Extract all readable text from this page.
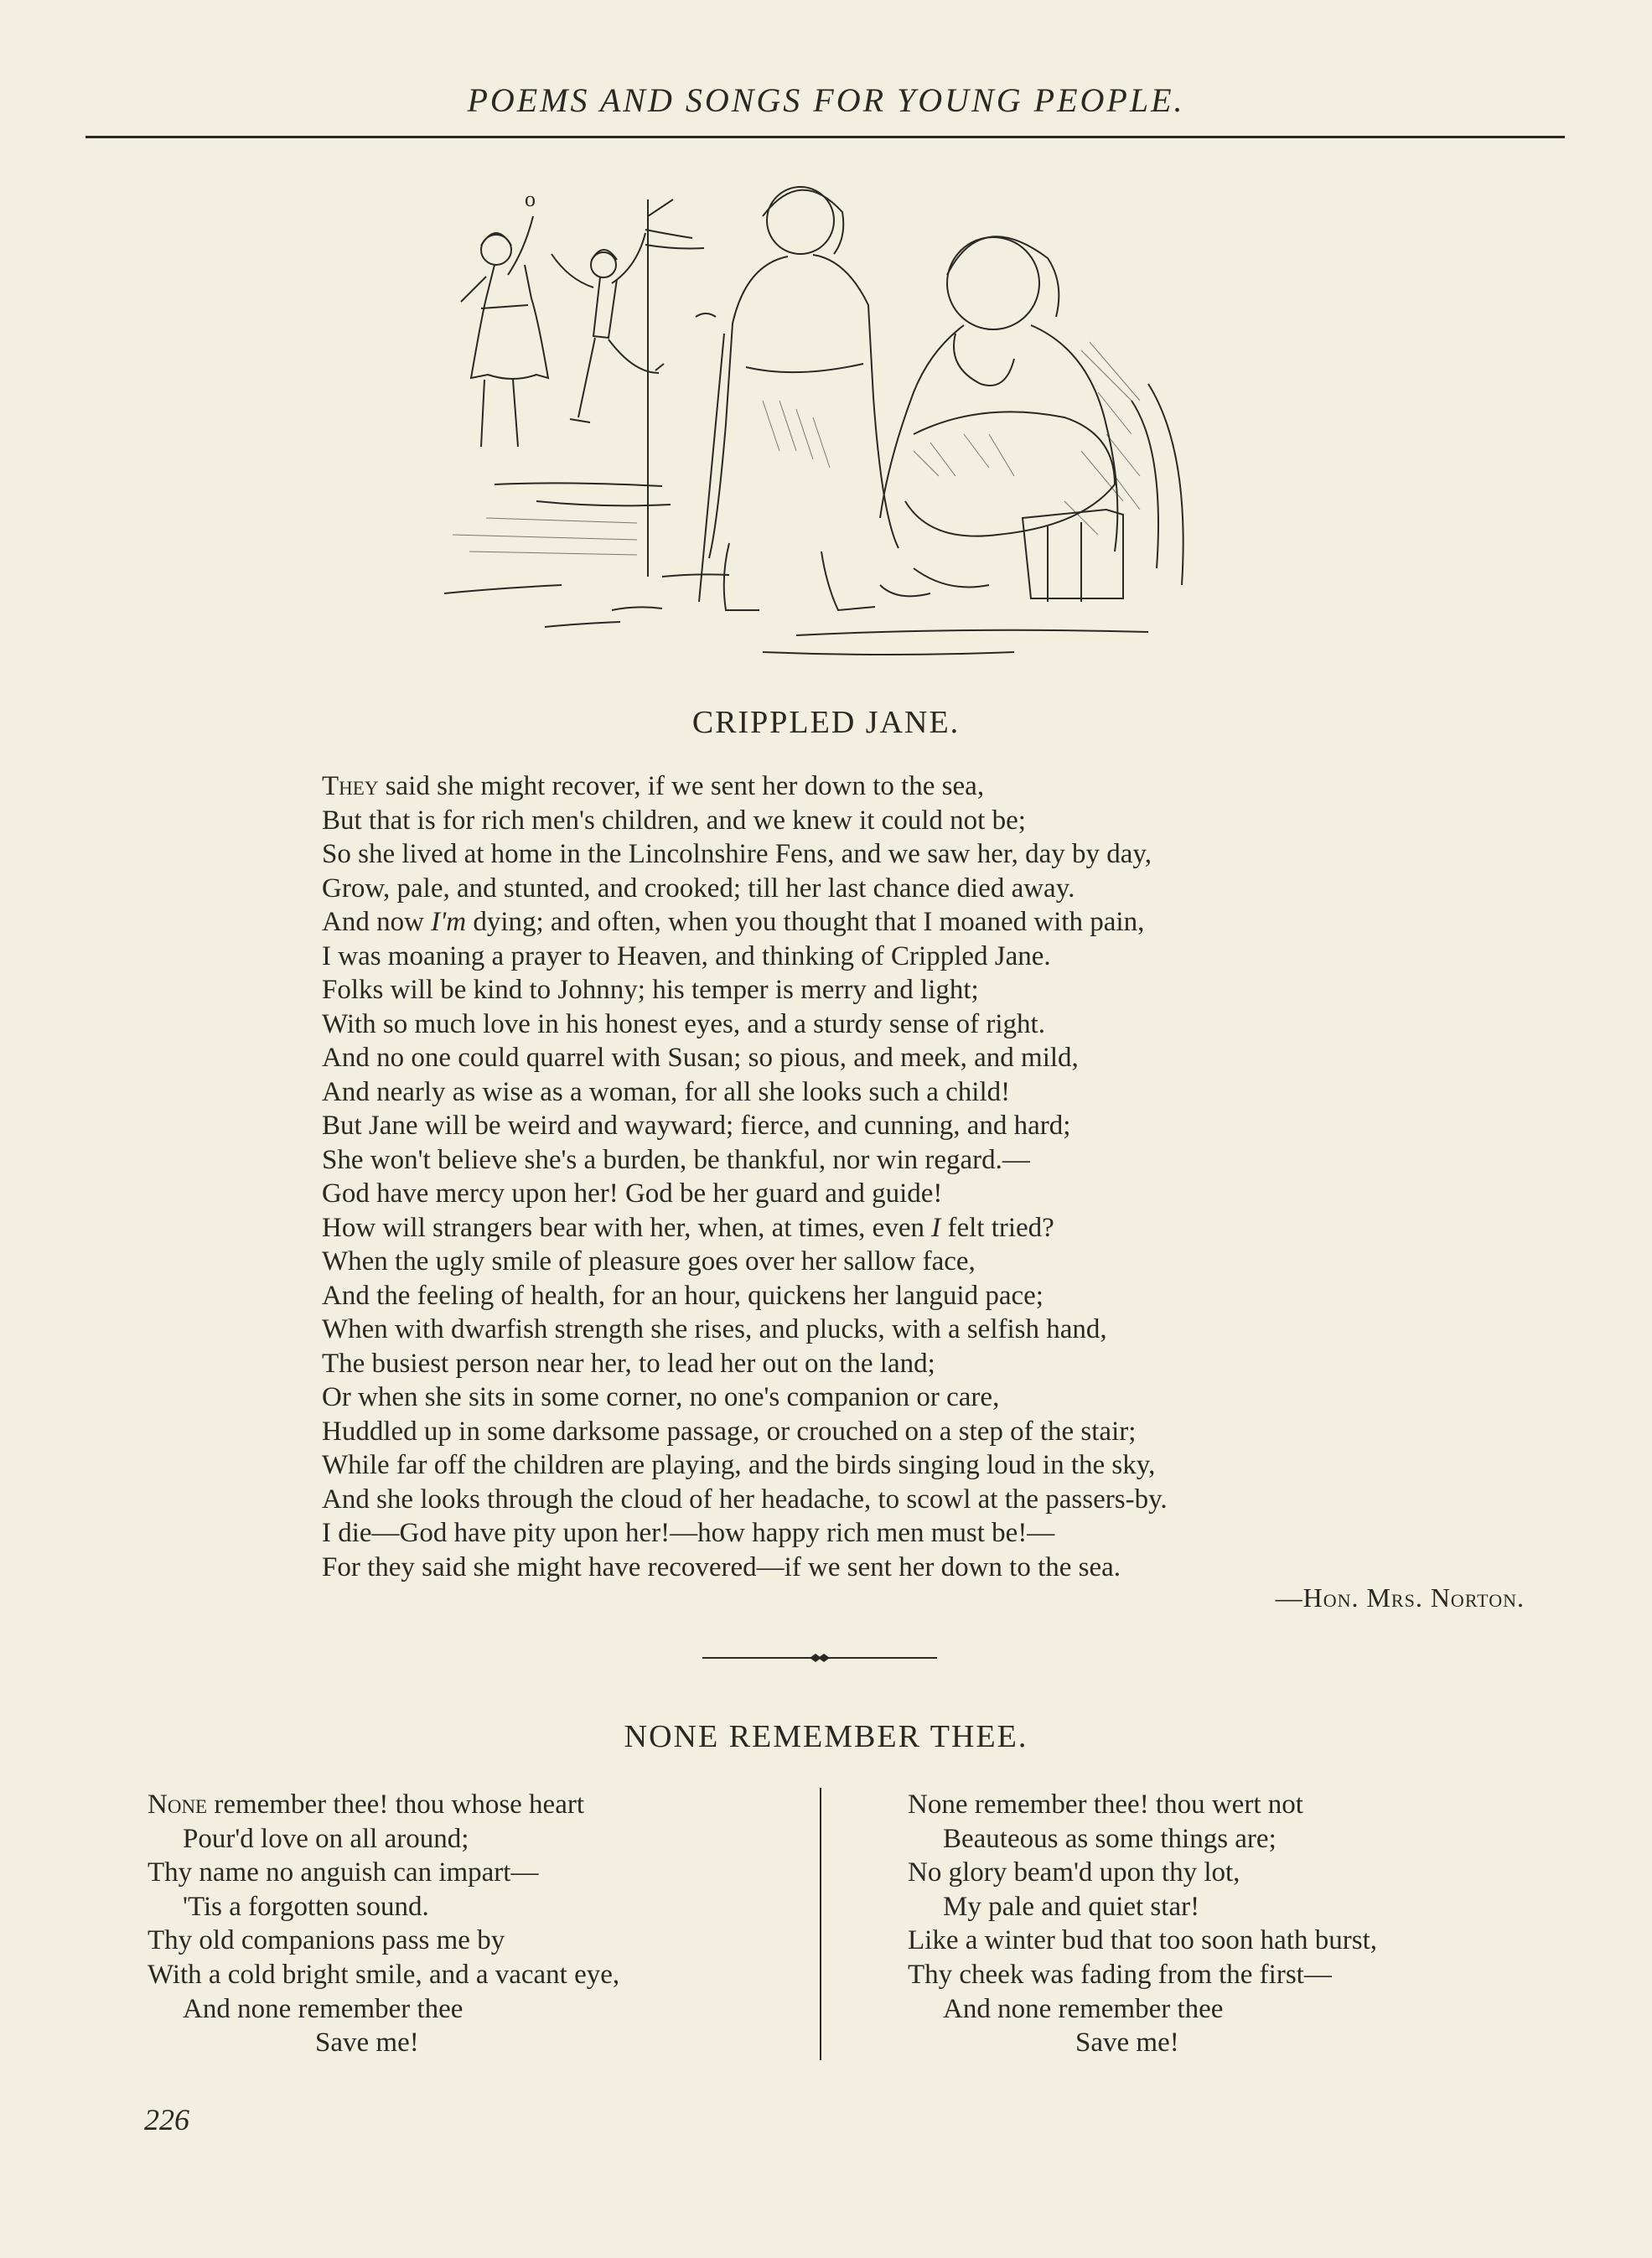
POEMS AND SONGS FOR YOUNG PEOPLE.
o
CRIPPLED JANE.
They said she might recover, if we sent her down to the sea,
But that is for rich men's children, and we knew it could not be;
So she lived at home in the Lincolnshire Fens, and we saw her, day by day,
Grow, pale, and stunted, and crooked; till her last chance died away.
And now I'm dying; and often, when you thought that I moaned with pain,
I was moaning a prayer to Heaven, and thinking of Crippled Jane.
Folks will be kind to Johnny; his temper is merry and light;
With so much love in his honest eyes, and a sturdy sense of right.
And no one could quarrel with Susan; so pious, and meek, and mild,
And nearly as wise as a woman, for all she looks such a child!
But Jane will be weird and wayward; fierce, and cunning, and hard;
She won't believe she's a burden, be thankful, nor win regard.—
God have mercy upon her! God be her guard and guide!
How will strangers bear with her, when, at times, even I felt tried?
When the ugly smile of pleasure goes over her sallow face,
And the feeling of health, for an hour, quickens her languid pace;
When with dwarfish strength she rises, and plucks, with a selfish hand,
The busiest person near her, to lead her out on the land;
Or when she sits in some corner, no one's companion or care,
Huddled up in some darksome passage, or crouched on a step of the stair;
While far off the children are playing, and the birds singing loud in the sky,
And she looks through the cloud of her headache, to scowl at the passers-by.
I die—God have pity upon her!—how happy rich men must be!—
For they said she might have recovered—if we sent her down to the sea.
—Hon. Mrs. Norton.
NONE REMEMBER THEE.
None remember thee! thou whose heart
Pour'd love on all around;
Thy name no anguish can impart—
'Tis a forgotten sound.
Thy old companions pass me by
With a cold bright smile, and a vacant eye,
And none remember thee
Save me!
None remember thee! thou wert not
Beauteous as some things are;
No glory beam'd upon thy lot,
My pale and quiet star!
Like a winter bud that too soon hath burst,
Thy cheek was fading from the first—
And none remember thee
Save me!
226
